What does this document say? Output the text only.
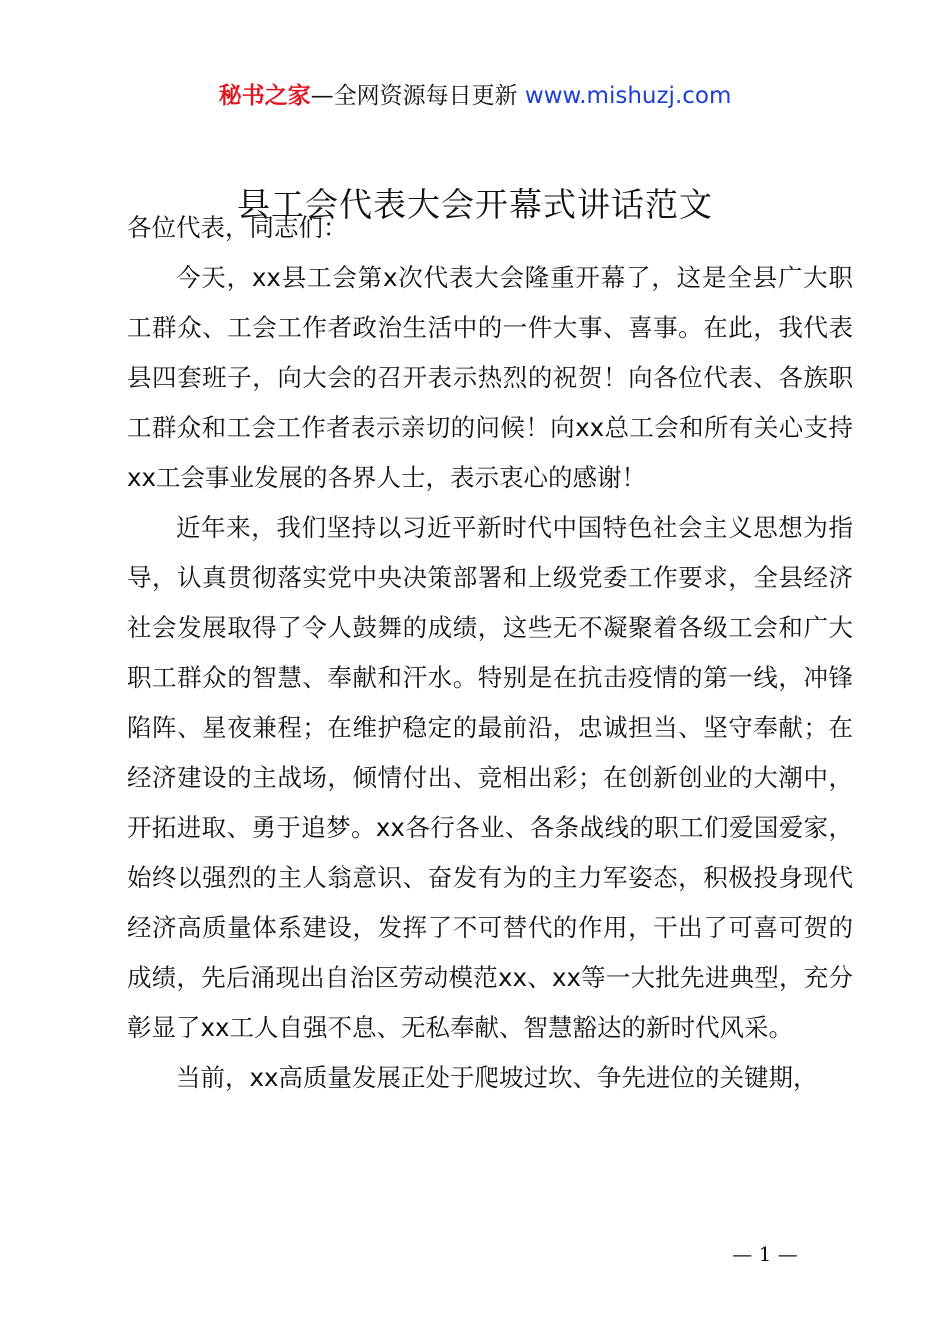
秘书之家—全网资源每日更新 www.mishuzj.com
县工会代表大会开幕式讲话范文

各位代表，同志们：

今天，xx县工会第x次代表大会隆重开幕了，这是全县广大职工群众、工会工作者政治生活中的一件大事、喜事。在此，我代表县四套班子，向大会的召开表示热烈的祝贺！向各位代表、各族职工群众和工会工作者表示亲切的问候！向xx总工会和所有关心支持xx工会事业发展的各界人士，表示衷心的感谢！

近年来，我们坚持以习近平新时代中国特色社会主义思想为指导，认真贯彻落实党中央决策部署和上级党委工作要求，全县经济社会发展取得了令人鼓舞的成绩，这些无不凝聚着各级工会和广大职工群众的智慧、奉献和汗水。特别是在抗击疫情的第一线，冲锋陷阵、星夜兼程；在维护稳定的最前沿，忠诚担当、坚守奉献；在经济建设的主战场，倾情付出、竞相出彩；在创新创业的大潮中，开拓进取、勇于追梦。xx各行各业、各条战线的职工们爱国爱家，始终以强烈的主人翁意识、奋发有为的主力军姿态，积极投身现代经济高质量体系建设，发挥了不可替代的作用，干出了可喜可贺的成绩，先后涌现出自治区劳动模范xx、xx等一大批先进典型，充分彰显了xx工人自强不息、无私奉献、智慧豁达的新时代风采。

当前，xx高质量发展正处于爬坡过坎、争先进位的关键期，

— 1 —
